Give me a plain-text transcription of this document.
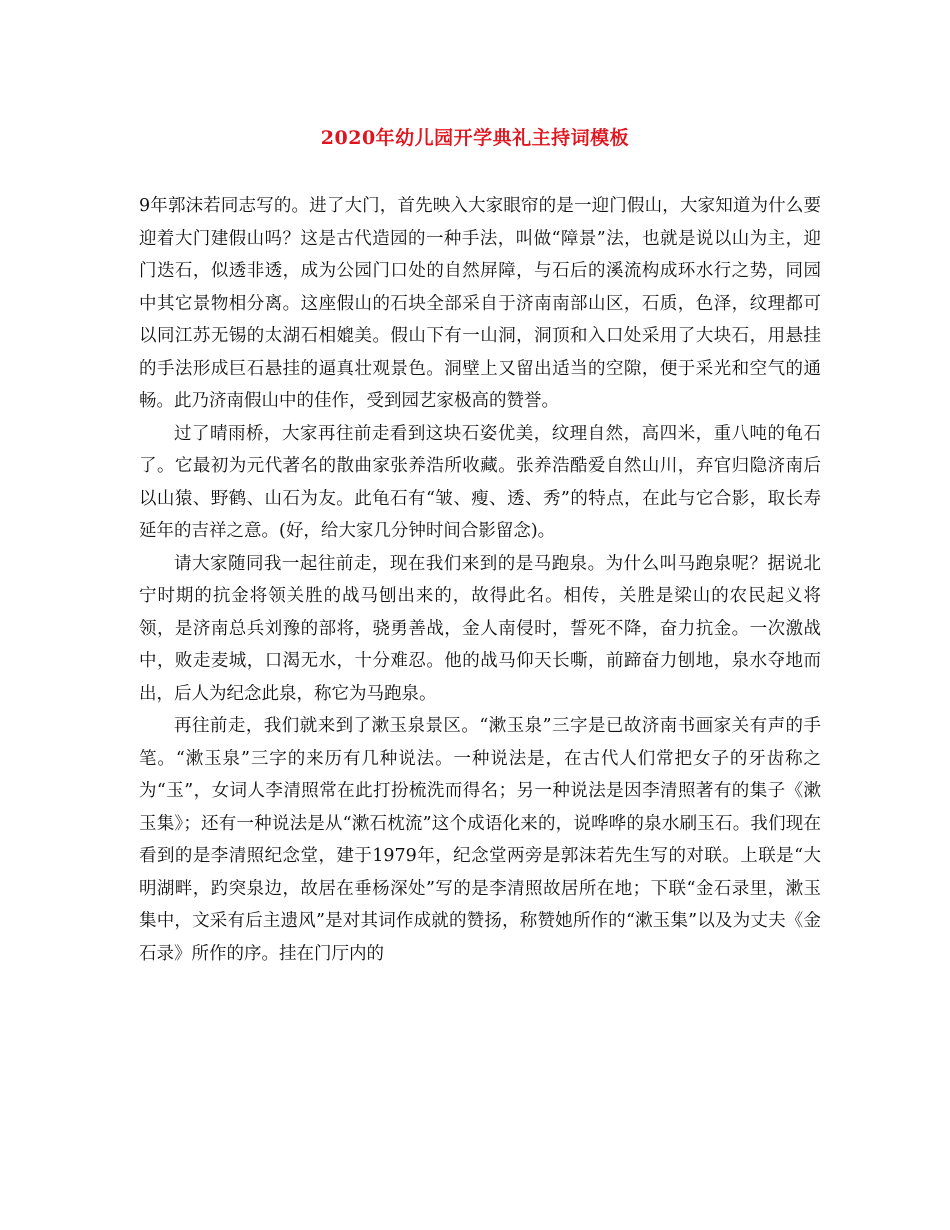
2020年幼儿园开学典礼主持词模板

9年郭沫若同志写的。进了大门，首先映入大家眼帘的是一迎门假山，大家知道为什么要迎着大门建假山吗？这是古代造园的一种手法，叫做“障景”法，也就是说以山为主，迎门迭石，似透非透，成为公园门口处的自然屏障，与石后的溪流构成环水行之势，同园中其它景物相分离。这座假山的石块全部采自于济南南部山区，石质，色泽，纹理都可以同江苏无锡的太湖石相媲美。假山下有一山洞，洞顶和入口处采用了大块石，用悬挂的手法形成巨石悬挂的逼真壮观景色。洞壁上又留出适当的空隙，便于采光和空气的通畅。此乃济南假山中的佳作，受到园艺家极高的赞誉。

过了晴雨桥，大家再往前走看到这块石姿优美，纹理自然，高四米，重八吨的龟石了。它最初为元代著名的散曲家张养浩所收藏。张养浩酷爱自然山川，弃官归隐济南后以山猿、野鹤、山石为友。此龟石有“皱、瘦、透、秀”的特点，在此与它合影，取长寿延年的吉祥之意。(好，给大家几分钟时间合影留念)。

请大家随同我一起往前走，现在我们来到的是马跑泉。为什么叫马跑泉呢？据说北宁时期的抗金将领关胜的战马刨出来的，故得此名。相传，关胜是梁山的农民起义将领，是济南总兵刘豫的部将，骁勇善战，金人南侵时，誓死不降，奋力抗金。一次激战中，败走麦城，口渴无水，十分难忍。他的战马仰天长嘶，前蹄奋力刨地，泉水夺地而出，后人为纪念此泉，称它为马跑泉。

再往前走，我们就来到了漱玉泉景区。“漱玉泉”三字是已故济南书画家关有声的手笔。“漱玉泉”三字的来历有几种说法。一种说法是，在古代人们常把女子的牙齿称之为“玉”，女词人李清照常在此打扮梳洗而得名；另一种说法是因李清照著有的集子《漱玉集》；还有一种说法是从“漱石枕流”这个成语化来的，说哗哗的泉水刷玉石。我们现在看到的是李清照纪念堂，建于1979年，纪念堂两旁是郭沫若先生写的对联。上联是“大明湖畔，趵突泉边，故居在垂杨深处”写的是李清照故居所在地；下联“金石录里，漱玉集中，文采有后主遗风”是对其词作成就的赞扬，称赞她所作的“漱玉集”以及为丈夫《金石录》所作的序。挂在门厅内的
